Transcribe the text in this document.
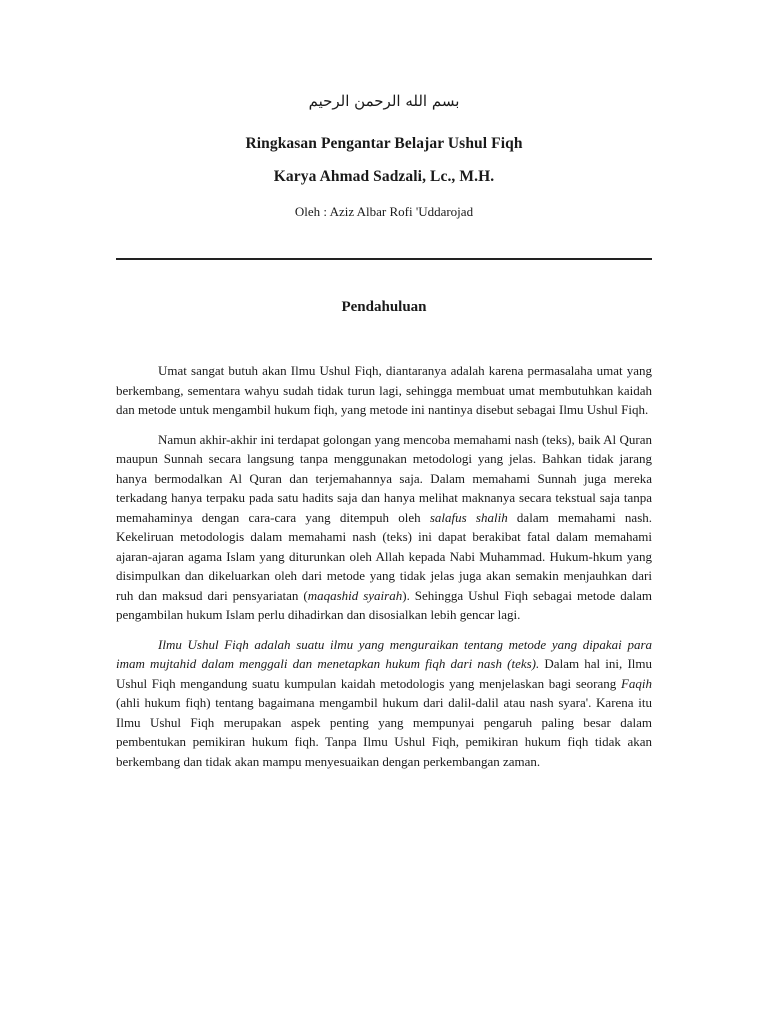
بسم الله الرحمن الرحيم
Ringkasan Pengantar Belajar Ushul Fiqh
Karya Ahmad Sadzali, Lc., M.H.
Oleh : Aziz Albar Rofi 'Uddarojad
Pendahuluan

Umat sangat butuh akan Ilmu Ushul Fiqh, diantaranya adalah karena permasalaha umat yang berkembang, sementara wahyu sudah tidak turun lagi, sehingga membuat umat membutuhkan kaidah dan metode untuk mengambil hukum fiqh, yang metode ini nantinya disebut sebagai Ilmu Ushul Fiqh.

Namun akhir-akhir ini terdapat golongan yang mencoba memahami nash (teks), baik Al Quran maupun Sunnah secara langsung tanpa menggunakan metodologi yang jelas. Bahkan tidak jarang hanya bermodalkan Al Quran dan terjemahannya saja. Dalam memahami Sunnah juga mereka terkadang hanya terpaku pada satu hadits saja dan hanya melihat maknanya secara tekstual saja tanpa memahaminya dengan cara-cara yang ditempuh oleh salafus shalih dalam memahami nash. Kekeliruan metodologis dalam memahami nash (teks) ini dapat berakibat fatal dalam memahami ajaran-ajaran agama Islam yang diturunkan oleh Allah kepada Nabi Muhammad. Hukum-hkum yang disimpulkan dan dikeluarkan oleh dari metode yang tidak jelas juga akan semakin menjauhkan dari ruh dan maksud dari pensyariatan (maqashid syairah). Sehingga Ushul Fiqh sebagai metode dalam pengambilan hukum Islam perlu dihadirkan dan disosialkan lebih gencar lagi.

Ilmu Ushul Fiqh adalah suatu ilmu yang menguraikan tentang metode yang dipakai para imam mujtahid dalam menggali dan menetapkan hukum fiqh dari nash (teks). Dalam hal ini, Ilmu Ushul Fiqh mengandung suatu kumpulan kaidah metodologis yang menjelaskan bagi seorang Faqih (ahli hukum fiqh) tentang bagaimana mengambil hukum dari dalil-dalil atau nash syara'. Karena itu Ilmu Ushul Fiqh merupakan aspek penting yang mempunyai pengaruh paling besar dalam pembentukan pemikiran hukum fiqh. Tanpa Ilmu Ushul Fiqh, pemikiran hukum fiqh tidak akan berkembang dan tidak akan mampu menyesuaikan dengan perkembangan zaman.
